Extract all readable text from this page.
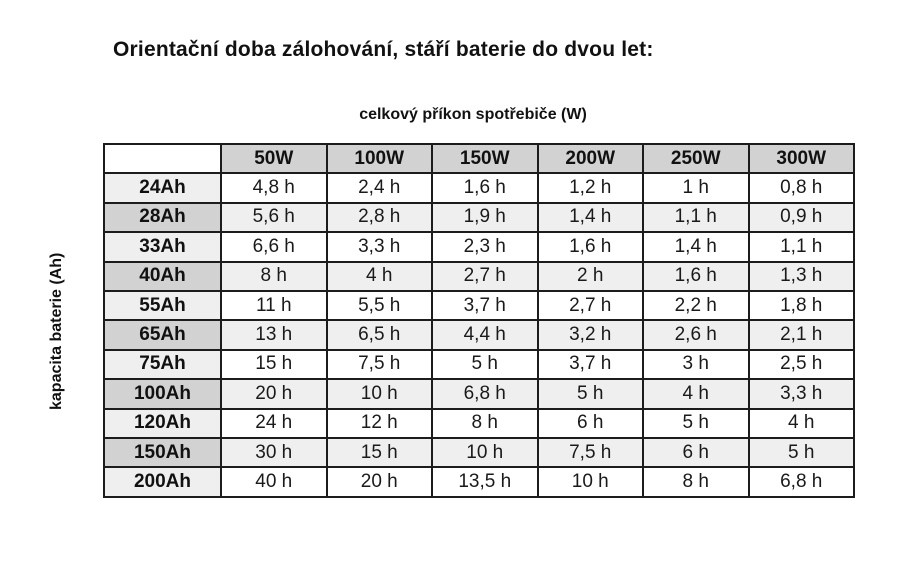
Orientační doba zálohování, stáří baterie do dvou let:
celkový příkon spotřebiče (W)
kapacita baterie (Ah)
	50W	100W	150W	200W	250W	300W
24Ah	4,8 h	2,4 h	1,6 h	1,2 h	1 h	0,8 h
28Ah	5,6 h	2,8 h	1,9 h	1,4 h	1,1 h	0,9 h
33Ah	6,6 h	3,3 h	2,3 h	1,6 h	1,4 h	1,1 h
40Ah	8 h	4 h	2,7 h	2 h	1,6 h	1,3 h
55Ah	11 h	5,5 h	3,7 h	2,7 h	2,2 h	1,8 h
65Ah	13 h	6,5 h	4,4 h	3,2 h	2,6 h	2,1 h
75Ah	15 h	7,5 h	5 h	3,7 h	3 h	2,5 h
100Ah	20 h	10 h	6,8 h	5 h	4 h	3,3 h
120Ah	24 h	12 h	8 h	6 h	5 h	4 h
150Ah	30 h	15 h	10 h	7,5 h	6 h	5 h
200Ah	40 h	20 h	13,5 h	10 h	8 h	6,8 h
